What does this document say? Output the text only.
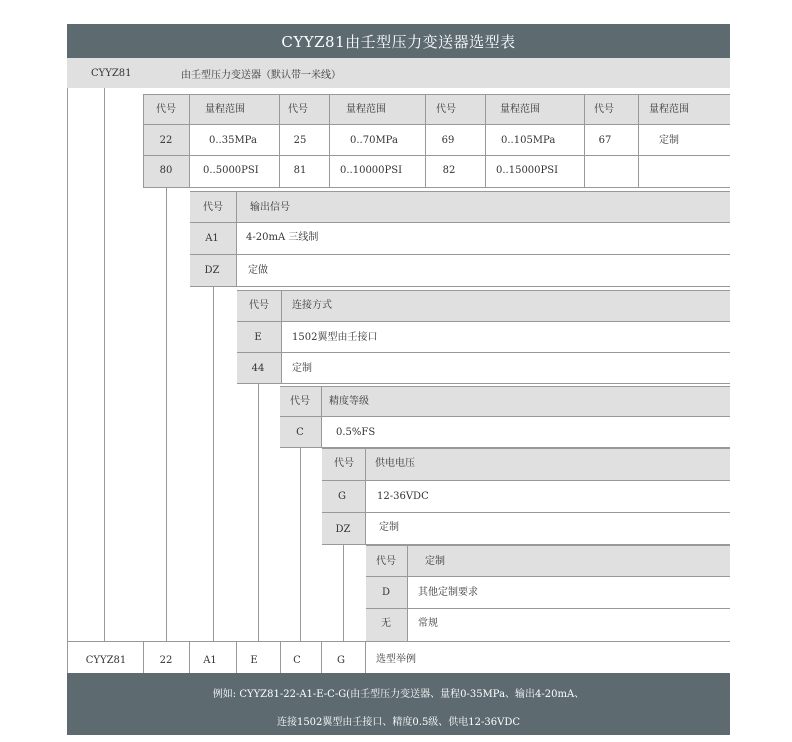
CYYZ81由壬型压力变送器选型表
CYYZ81	由壬型压力变送器（默认带一米线）
代号	量程范围	代号	量程范围	代号	量程范围	代号	量程范围
22	0..35MPa	25	0..70MPa	69	0..105MPa	67	定制
80	0..5000PSI	81	0..10000PSI	82	0..15000PSI
代号	输出信号
A1	4-20mA 三线制
DZ	定做
代号 连接方式
E	1502翼型由壬接口
44	定制
代号 精度等级
C	0.5%FS
代号 供电电压
G	12-36VDC
DZ	定制
代号	定制
D	其他定制要求
无	常规
CYYZ81	22	A1	E	C	G	选型举例
例如: CYYZ81-22-A1-E-C-G(由壬型压力变送器、量程0-35MPa、输出4-20mA、
连接1502翼型由壬接口、精度0.5级、供电12-36VDC
